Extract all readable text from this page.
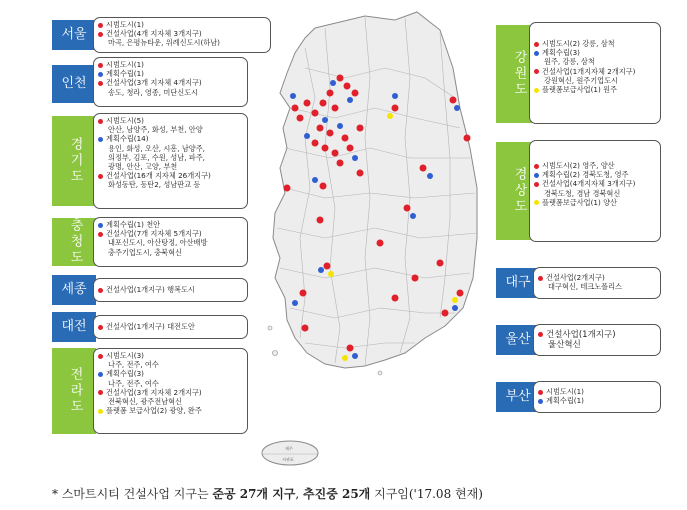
서울
시범도시(1)
건설사업(4개 지자체 3개지구)
마곡, 은평뉴타운, 위례신도시(하남)
인천
시범도시(1)
계획수립(1)
건설사업(3개 지자체 4개지구)
송도, 청라, 영종, 미단신도시
경기도
시범도시(5)
안산, 남양주, 화성, 부천, 안양
계획수립(14)
용인, 화성, 오산, 시흥, 남양주,
의정부, 김포, 수원, 성남, 파주,
광명, 안산, 고양, 부천
건설사업(16개 지자체 26개지구)
화성동탄, 동탄2, 성남판교 등
충청도	계획수립(1) 천안
건설사업(7개 지자체 5개지구)
내포신도시, 아산탕정, 아산배방
충주기업도시, 충북혁신
세종	건설사업(1개지구) 행복도시
대전	건설사업(1개지구) 대전도안
전라도
시범도시(3)
나주, 전주, 여수
계획수립(3)
나주, 전주, 여수
건설사업(3개 지자체 2개지구)
전북혁신, 광주전남혁신
플랫폼 보급사업(2) 광양, 완주
강원도
시범도시(2) 강릉, 삼척
계획수립(3)
원주, 강릉, 삼척
건설사업(1개지자체 2개지구)
강원혁신, 원주기업도시
플랫폼보급사업(1) 원주
경상도
시범도시(2) 영주, 양산
계획수립(2) 경북도청, 영주
건설사업(4개지자체 3개지구)
경북도청, 경남 경북혁신
플랫폼보급사업(1) 양산
대구	건설사업(2개지구)
대구혁신, 테크노폴리스
울산	건설사업(1개지구)
울산혁신
부산	시범도시(1)
계획수립(1)
제주
서귀포
* 스마트시티 건설사업 지구는 준공 27개 지구, 추진중 25개 지구임('17.08 현재)
